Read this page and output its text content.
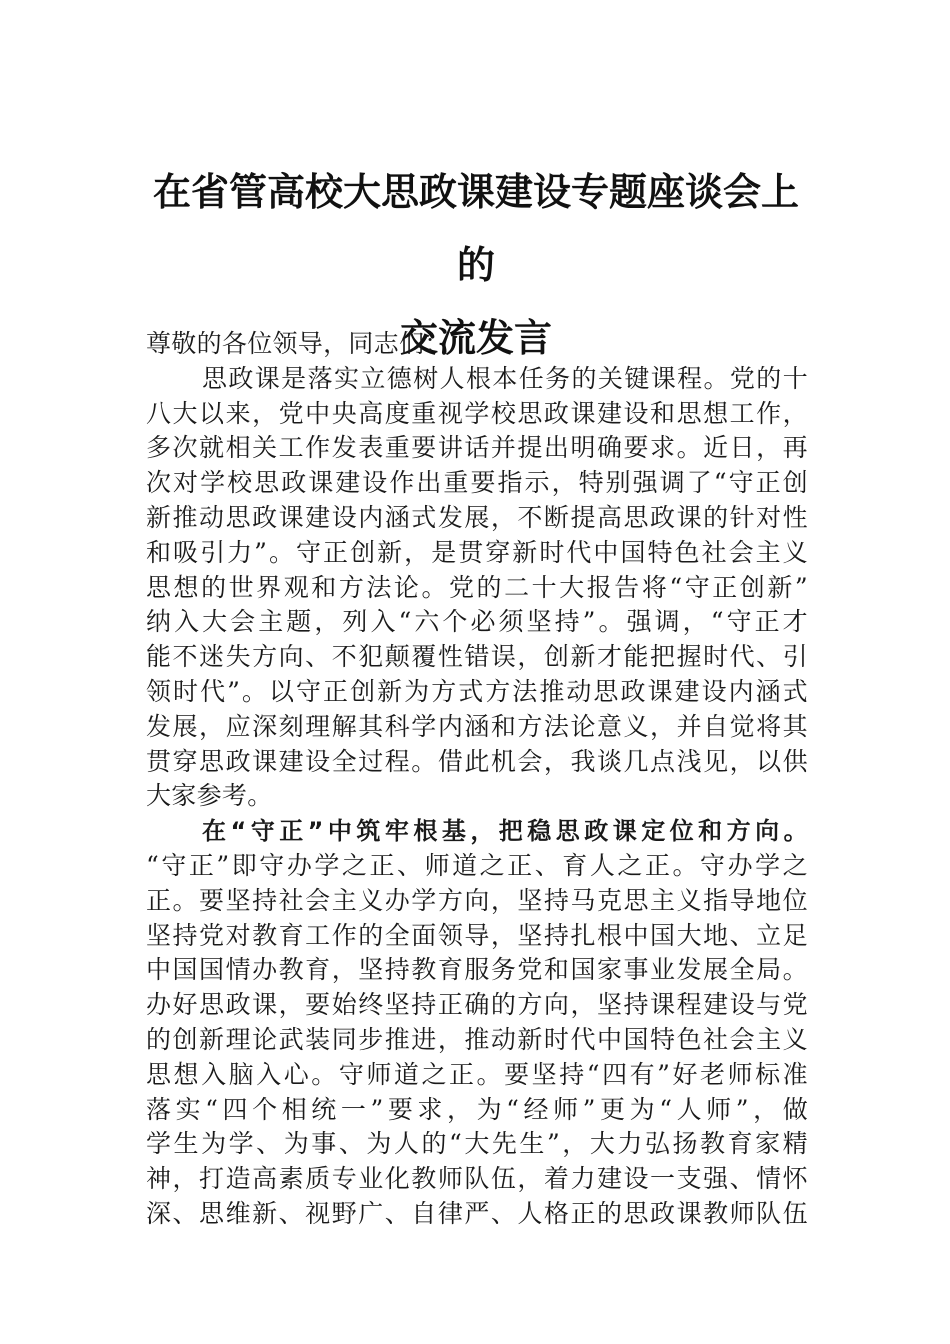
在省管高校大思政课建设专题座谈会上的
交流发言
尊敬的各位领导，同志们：
思政课是落实立德树人根本任务的关键课程。党的十
八大以来，党中央高度重视学校思政课建设和思想工作，
多次就相关工作发表重要讲话并提出明确要求。近日，再
次对学校思政课建设作出重要指示，特别强调了“守正创
新推动思政课建设内涵式发展，不断提高思政课的针对性
和吸引力”。守正创新，是贯穿新时代中国特色社会主义
思想的世界观和方法论。党的二十大报告将“守正创新”
纳入大会主题，列入“六个必须坚持”。强调，“守正才
能不迷失方向、不犯颠覆性错误，创新才能把握时代、引
领时代”。以守正创新为方式方法推动思政课建设内涵式
发展，应深刻理解其科学内涵和方法论意义，并自觉将其
贯穿思政课建设全过程。借此机会，我谈几点浅见，以供
大家参考。
在“守正”中筑牢根基，把稳思政课定位和方向。
“守正”即守办学之正、师道之正、育人之正。守办学之
正。要坚持社会主义办学方向，坚持马克思主义指导地位
坚持党对教育工作的全面领导，坚持扎根中国大地、立足
中国国情办教育，坚持教育服务党和国家事业发展全局。
办好思政课，要始终坚持正确的方向，坚持课程建设与党
的创新理论武装同步推进，推动新时代中国特色社会主义
思想入脑入心。守师道之正。要坚持“四有”好老师标准
落实“四个相统一”要求，为“经师”更为“人师”，做
学生为学、为事、为人的“大先生”，大力弘扬教育家精
神，打造高素质专业化教师队伍，着力建设一支强、情怀
深、思维新、视野广、自律严、人格正的思政课教师队伍
